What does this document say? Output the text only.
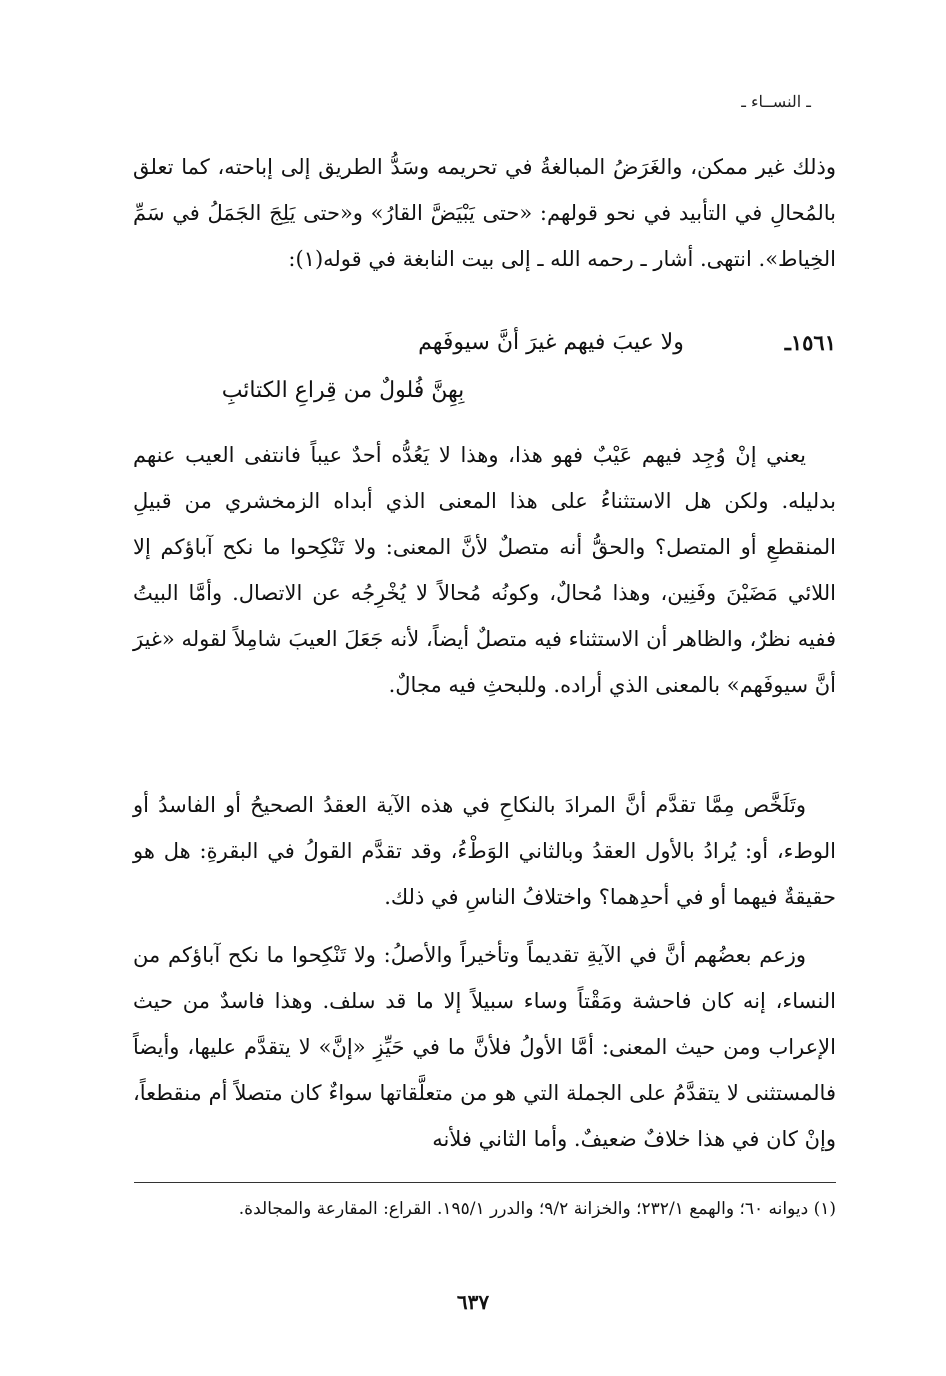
ـ النســاء ـ

وذلك غير ممكن، والغَرَضُ المبالغةُ في تحريمه وسَدُّ الطريق إلى إباحته، كما تعلق بالمُحالِ في التأبيد في نحو قولهم: «حتى يَبْيَضَّ القارُ» و«حتى يَلِجَ الجَمَلُ في سَمِّ الخِياط». انتهى. أشار ـ رحمه الله ـ إلى بيت النابغة في قوله(١):

١٥٦١ـ
ولا عيبَ فيهم غيرَ أنَّ سيوفَهم
بِهِنَّ فُلولٌ من قِراعِ الكتائبِ

يعني إنْ وُجِد فيهم عَيْبٌ فهو هذا، وهذا لا يَعُدُّه أحدٌ عيباً فانتفى العيب عنهم بدليله. ولكن هل الاستثناءُ على هذا المعنى الذي أبداه الزمخشري من قبيلِ المنقطعِ أو المتصل؟ والحقُّ أنه متصلٌ لأنَّ المعنى: ولا تَنْكِحوا ما نكح آباؤكم إلا اللائي مَضَيْنَ وفَنِين، وهذا مُحالٌ، وكونُه مُحالاً لا يُخْرِجُه عن الاتصال. وأمَّا البيتُ ففيه نظرٌ، والظاهر أن الاستثناء فيه متصلٌ أيضاً، لأنه جَعَلَ العيبَ شامِلاً لقوله «غيرَ أنَّ سيوفَهم» بالمعنى الذي أراده. وللبحثِ فيه مجالٌ.

وتَلَخَّص مِمَّا تقدَّم أنَّ المرادَ بالنكاحِ في هذه الآية العقدُ الصحيحُ أو الفاسدُ أو الوطء، أو: يُرادُ بالأول العقدُ وبالثاني الوَطْءُ، وقد تقدَّم القولُ في البقرةِ: هل هو حقيقةٌ فيهما أو في أحدِهما؟ واختلافُ الناسِ في ذلك.

وزعم بعضُهم أنَّ في الآيةِ تقديماً وتأخيراً والأصلُ: ولا تَنْكِحوا ما نكح آباؤكم من النساء، إنه كان فاحشة ومَقْتاً وساء سبيلاً إلا ما قد سلف. وهذا فاسدٌ من حيث الإعراب ومن حيث المعنى: أمَّا الأولُ فلأنَّ ما في حَيِّزِ «إنَّ» لا يتقدَّم عليها، وأيضاً فالمستثنى لا يتقدَّمُ على الجملة التي هو من متعلَّقاتها سواءٌ كان متصلاً أم منقطعاً، وإنْ كان في هذا خلافٌ ضعيفٌ. وأما الثاني فلأنه

(١) ديوانه ٦٠؛ والهمع ٢٣٢/١؛ والخزانة ٩/٢؛ والدرر ١٩٥/١. القراع: المقارعة والمجالدة.
٦٣٧
